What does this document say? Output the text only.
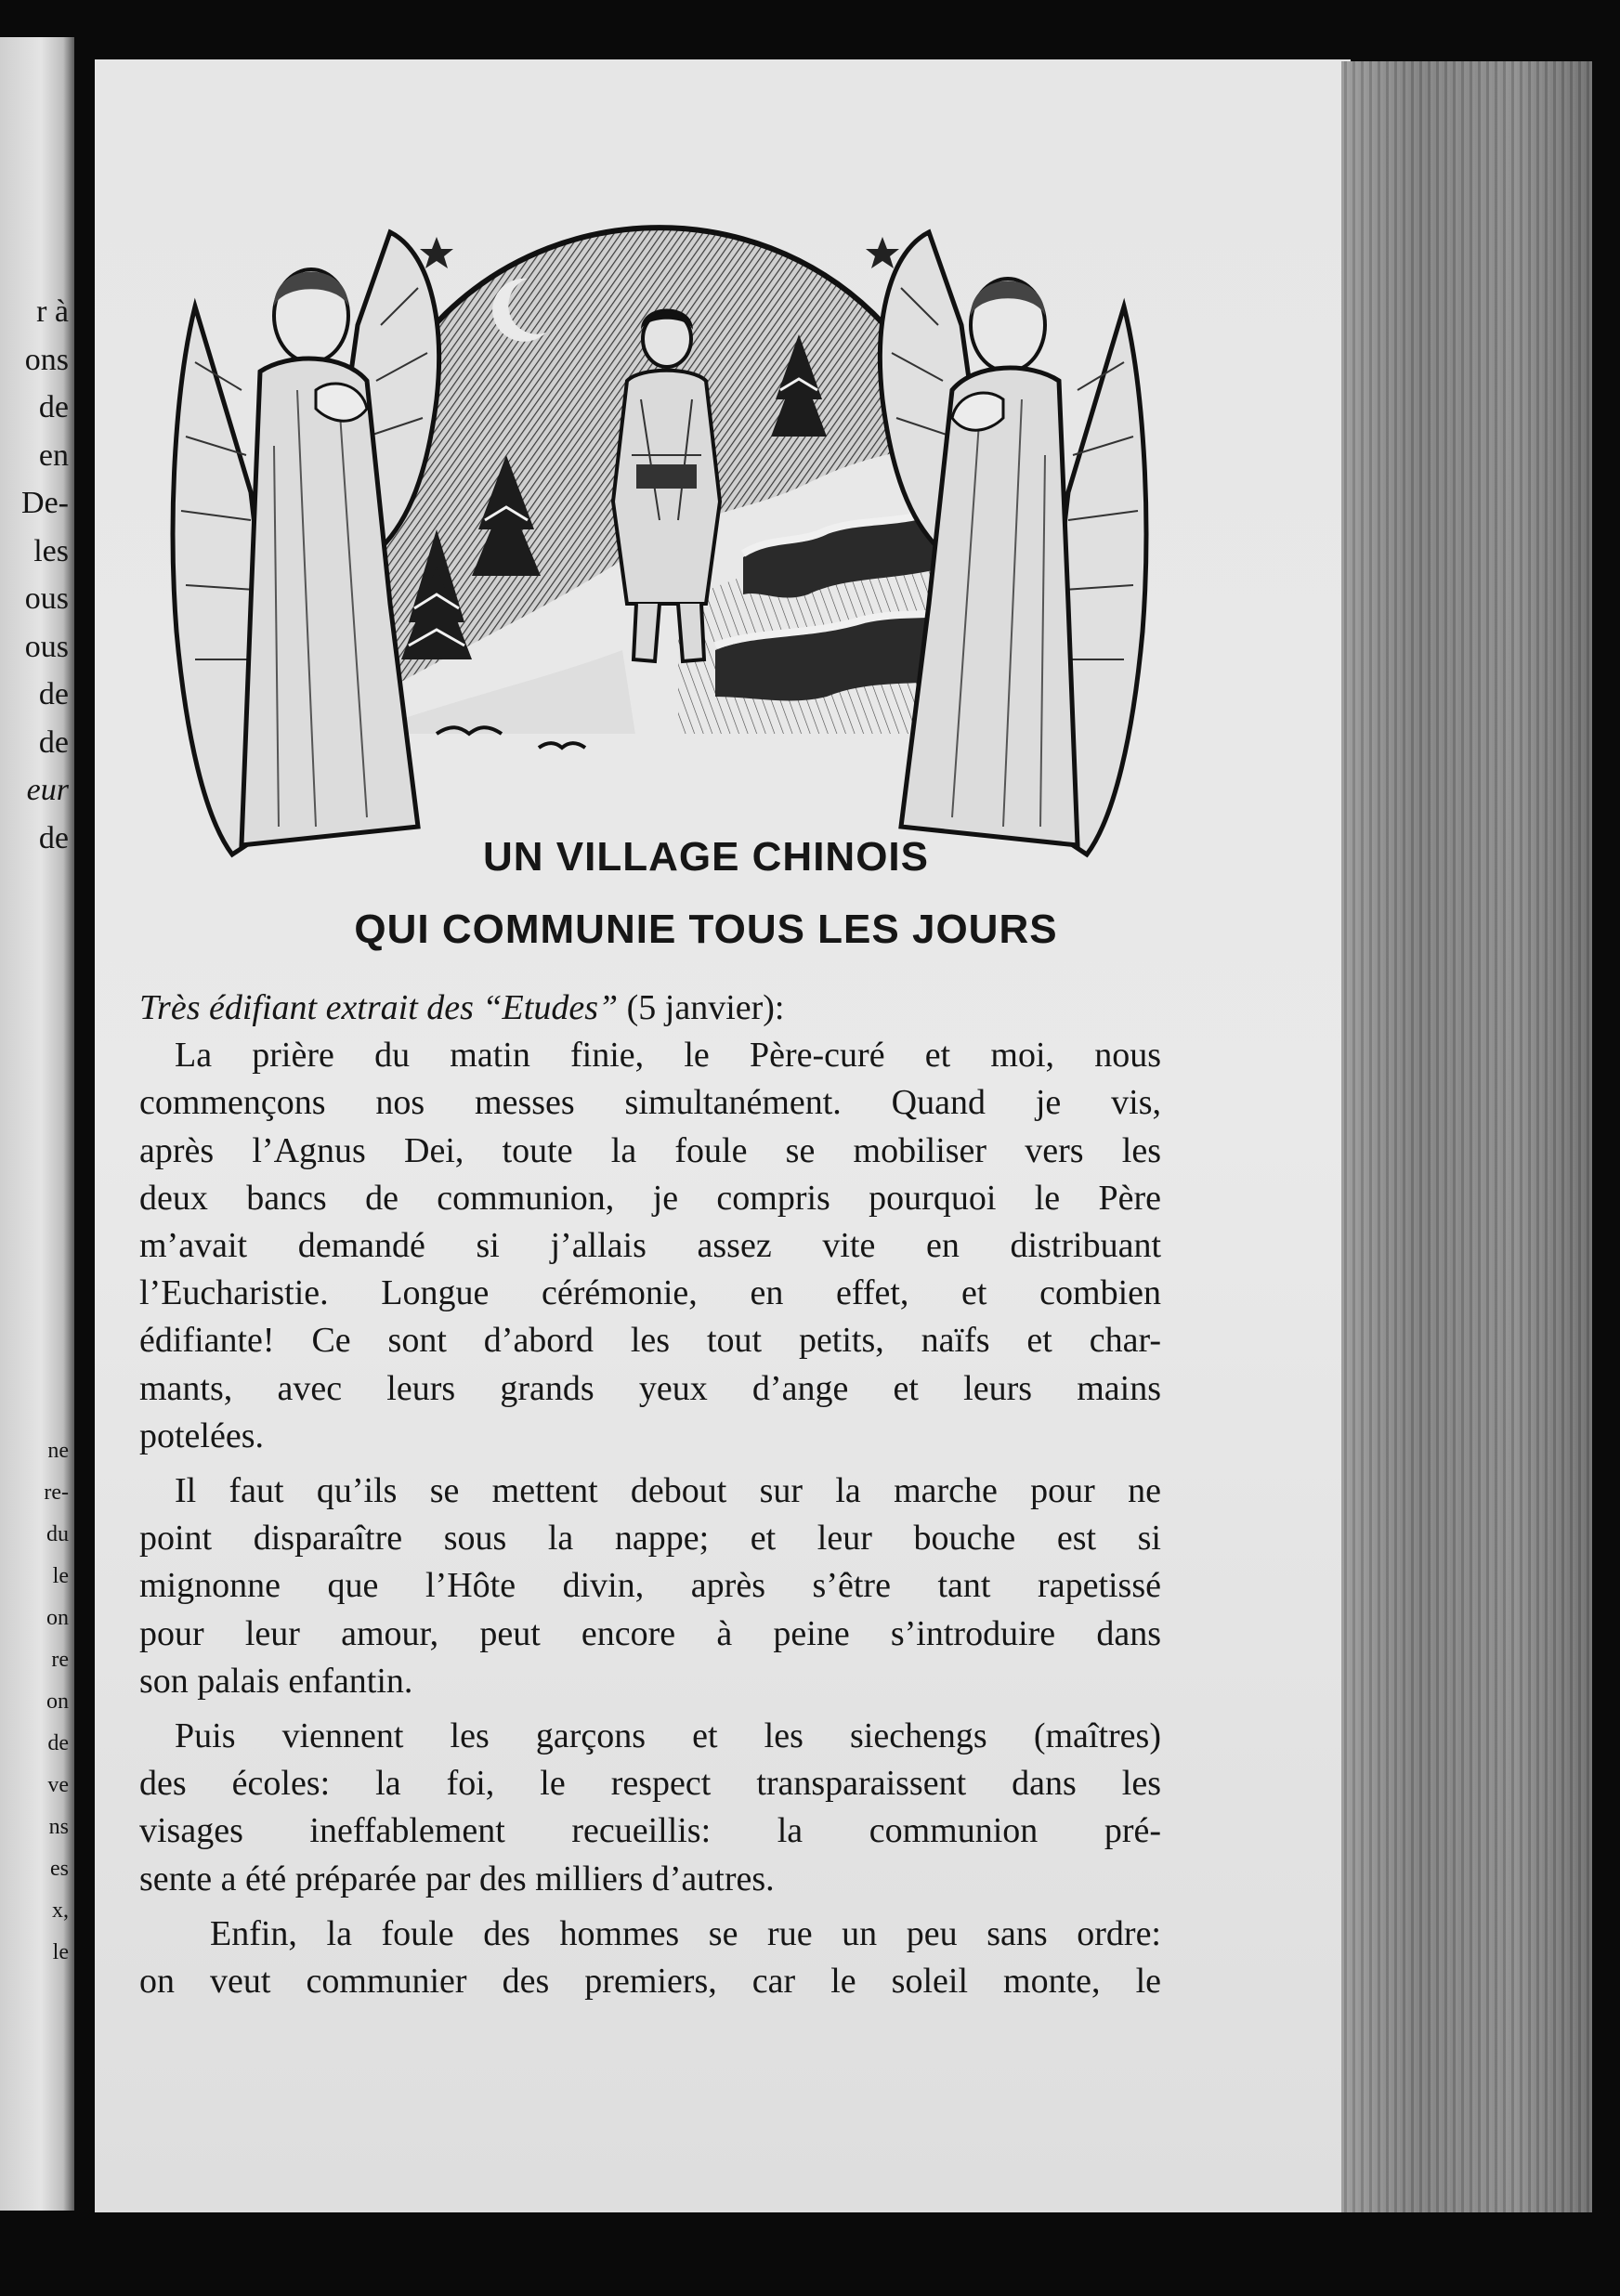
r à
ons
de
en
De-
les
ous
ous
de
de
eur
de
ne
re-
du
le
on
re
on
de
ve
ns
es
x,
le
UN VILLAGE CHINOIS
QUI COMMUNIE TOUS LES JOURS
Très édifiant extrait des “Etudes” (5 janvier):
La prière du matin finie, le Père-curé et moi, nous
commençons nos messes simultanément. Quand je vis,
après l’Agnus Dei, toute la foule se mobiliser vers les
deux bancs de communion, je compris pourquoi le Père
m’avait demandé si j’allais assez vite en distribuant
l’Eucharistie. Longue cérémonie, en effet, et combien
édifiante! Ce sont d’abord les tout petits, naïfs et char-
mants, avec leurs grands yeux d’ange et leurs mains
potelées.
Il faut qu’ils se mettent debout sur la marche pour ne
point disparaître sous la nappe; et leur bouche est si
mignonne que l’Hôte divin, après s’être tant rapetissé
pour leur amour, peut encore à peine s’introduire dans
son palais enfantin.
Puis viennent les garçons et les siechengs (maîtres)
des écoles: la foi, le respect transparaissent dans les
visages ineffablement recueillis: la communion pré-
sente a été préparée par des milliers d’autres.
Enfin, la foule des hommes se rue un peu sans ordre:
on veut communier des premiers, car le soleil monte, le
